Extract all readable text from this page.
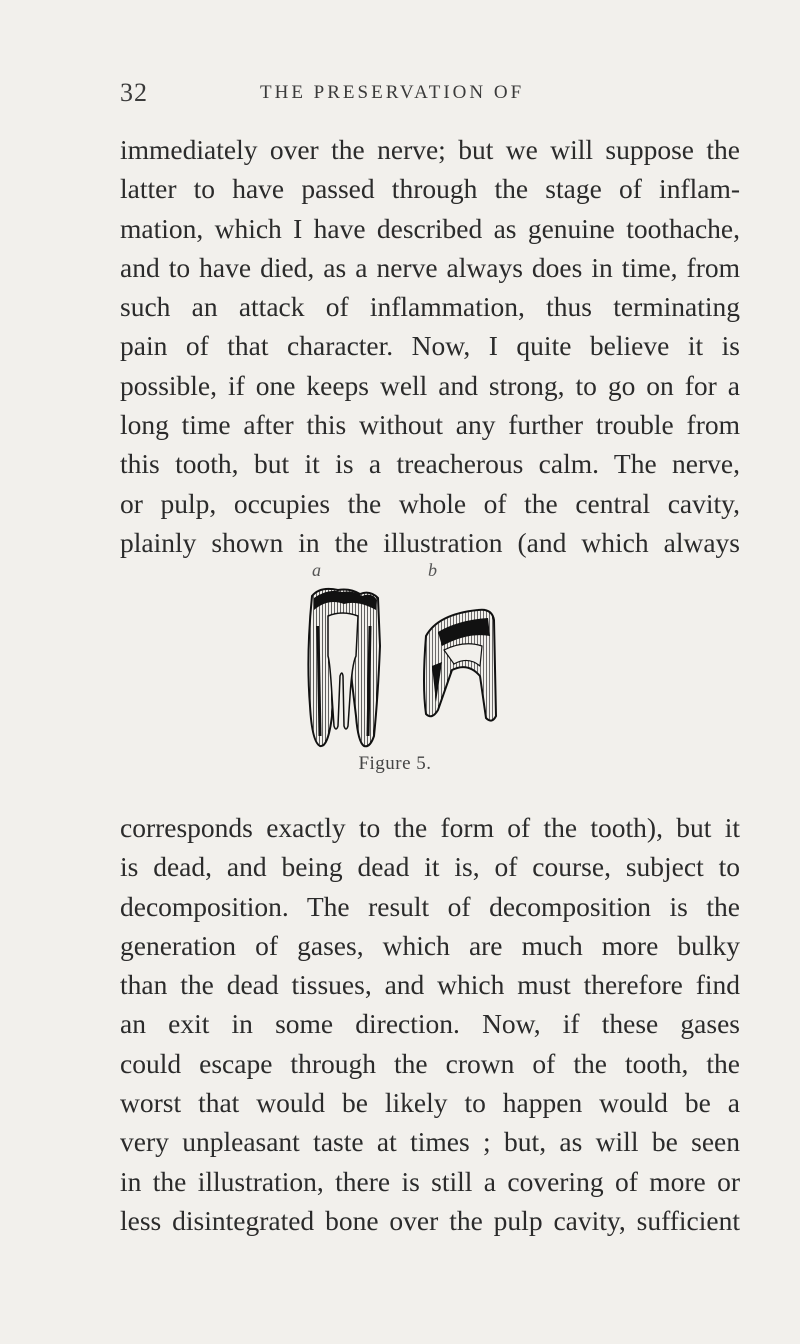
32	THE PRESERVATION OF
immediately over the nerve; but we will suppose the
latter to have passed through the stage of inflam-
mation, which I have described as genuine toothache,
and to have died, as a nerve always does in time, from
such an attack of inflammation, thus terminating
pain of that character. Now, I quite believe it is
possible, if one keeps well and strong, to go on for a
long time after this without any further trouble from
this tooth, but it is a treacherous calm. The nerve,
or pulp, occupies the whole of the central cavity,
plainly shown in the illustration (and which always
a	b
Figure 5.
corresponds exactly to the form of the tooth), but it
is dead, and being dead it is, of course, subject to
decomposition. The result of decomposition is the
generation of gases, which are much more bulky
than the dead tissues, and which must therefore find
an exit in some direction. Now, if these gases
could escape through the crown of the tooth, the
worst that would be likely to happen would be a
very unpleasant taste at times ; but, as will be seen
in the illustration, there is still a covering of more or
less disintegrated bone over the pulp cavity, sufficient
